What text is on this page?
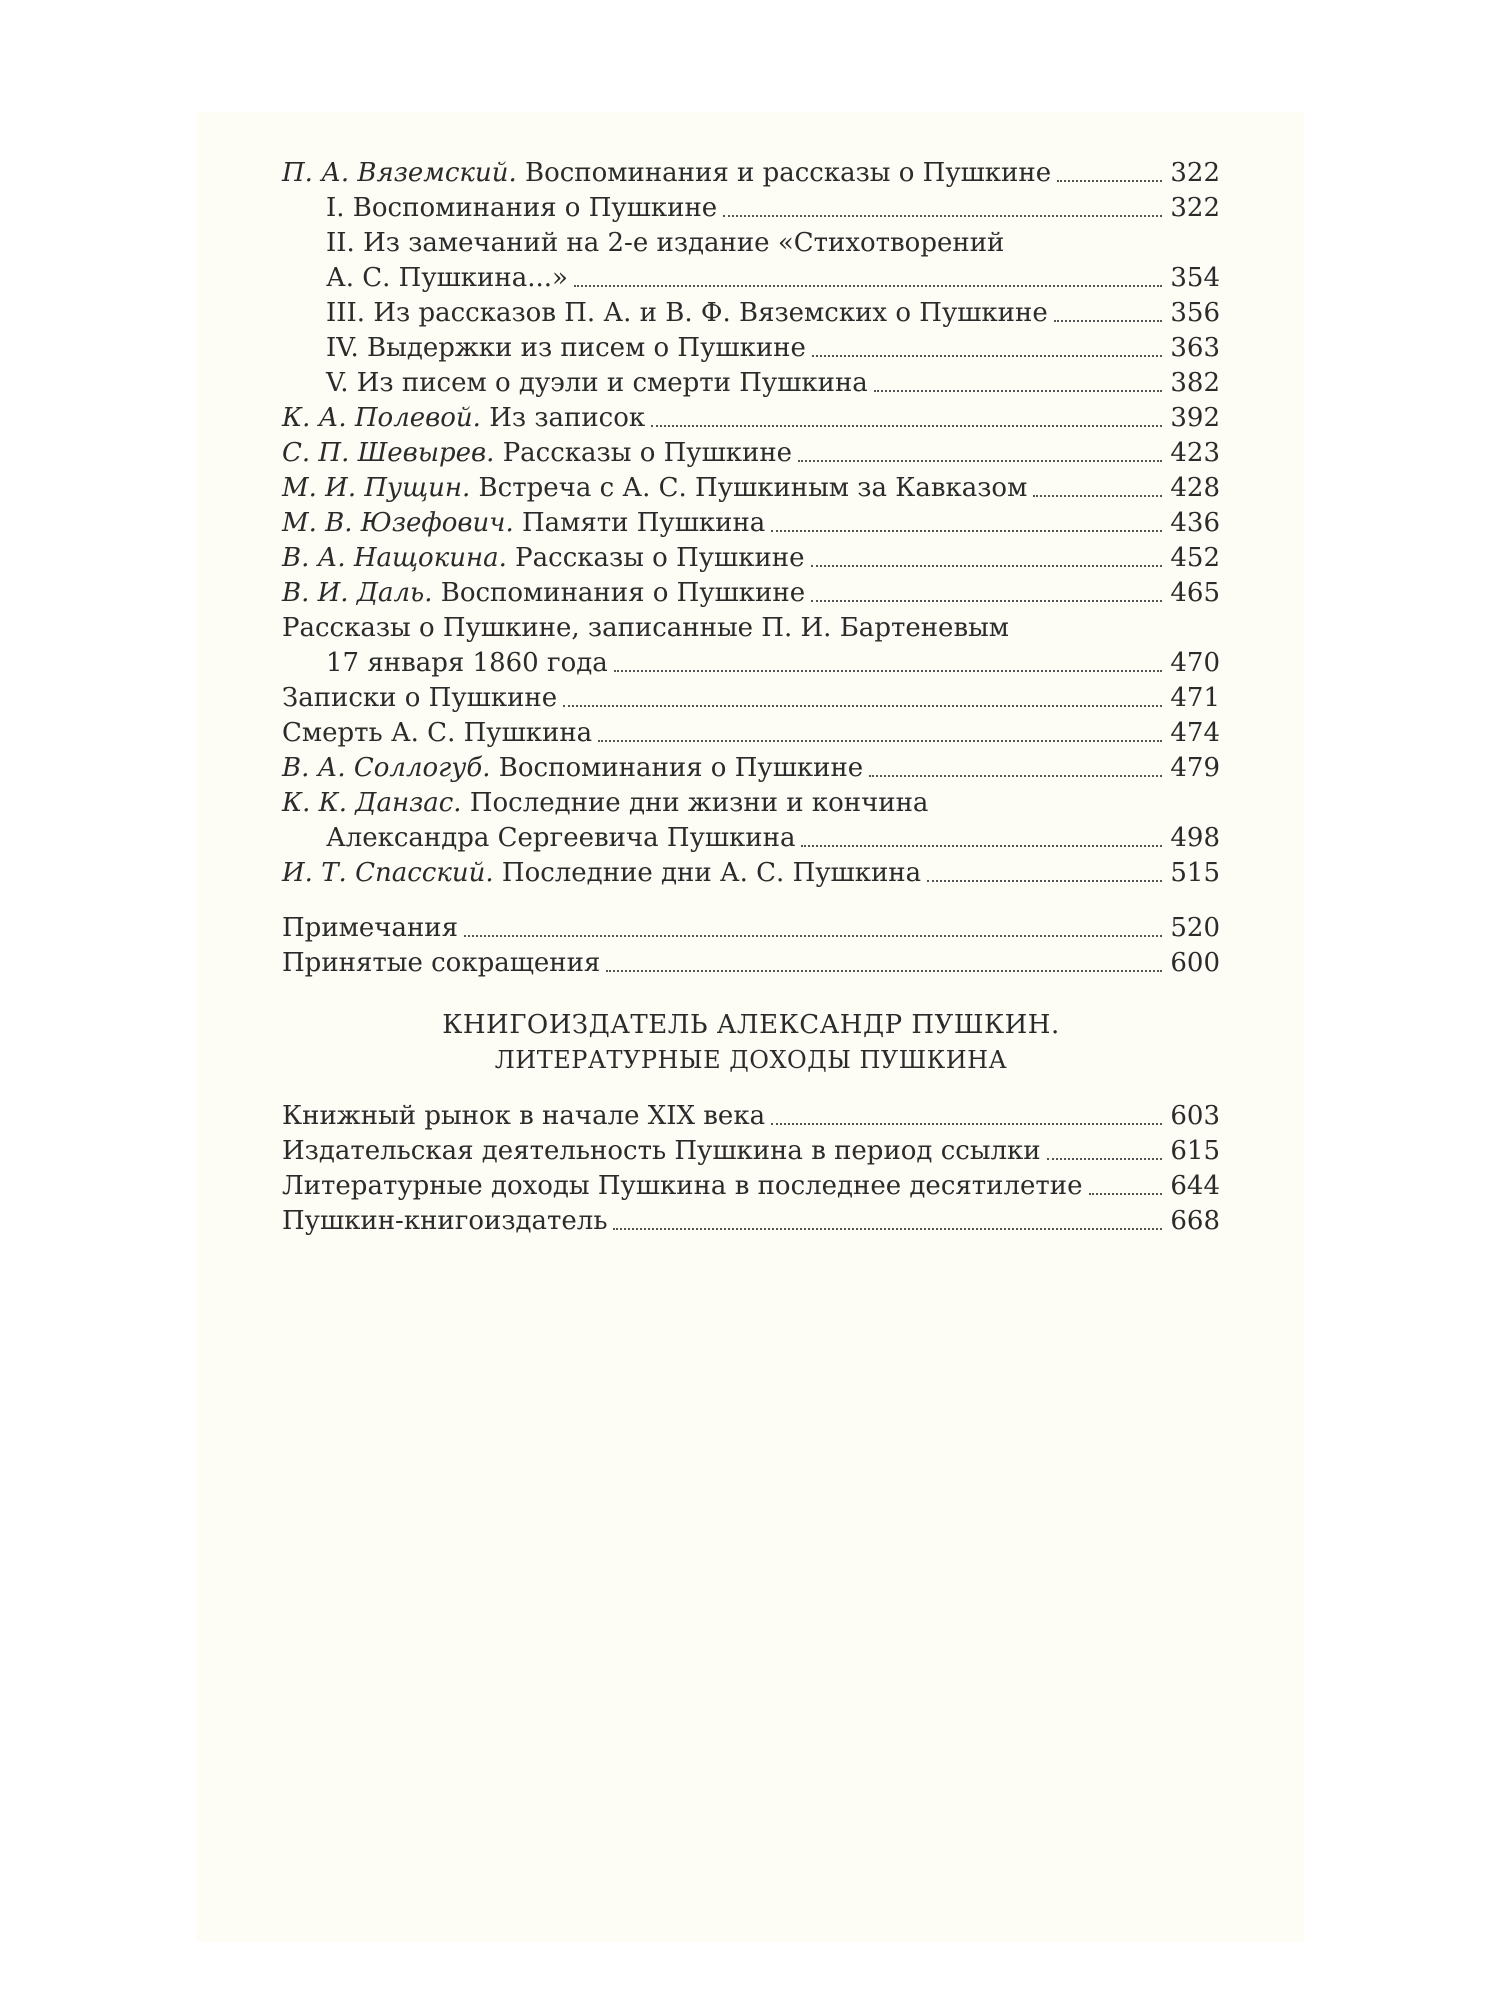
П. А. Вяземский. Воспоминания и рассказы о Пушкине	322
I. Воспоминания о Пушкине	322
II. Из замечаний на 2-е издание «Стихотворений
А. С. Пушкина...»	354
III. Из рассказов П. А. и В. Ф. Вяземских о Пушкине	356
IV. Выдержки из писем о Пушкине	363
V. Из писем о дуэли и смерти Пушкина	382
К. А. Полевой. Из записок	392
С. П. Шевырев. Рассказы о Пушкине	423
М. И. Пущин. Встреча с А. С. Пушкиным за Кавказом	428
М. В. Юзефович. Памяти Пушкина	436
В. А. Нащокина. Рассказы о Пушкине	452
В. И. Даль. Воспоминания о Пушкине	465
Рассказы о Пушкине, записанные П. И. Бартеневым
17 января 1860 года	470
Записки о Пушкине	471
Смерть А. С. Пушкина	474
В. А. Соллогуб. Воспоминания о Пушкине	479
К. К. Данзас. Последние дни жизни и кончина
Александра Сергеевича Пушкина	498
И. Т. Спасский. Последние дни А. С. Пушкина	515
Примечания	520
Принятые сокращения	600
КНИГОИЗДАТЕЛЬ АЛЕКСАНДР ПУШКИН.
ЛИТЕРАТУРНЫЕ ДОХОДЫ ПУШКИНА
Книжный рынок в начале XIX века	603
Издательская деятельность Пушкина в период ссылки	615
Литературные доходы Пушкина в последнее десятилетие	644
Пушкин-книгоиздатель	668
